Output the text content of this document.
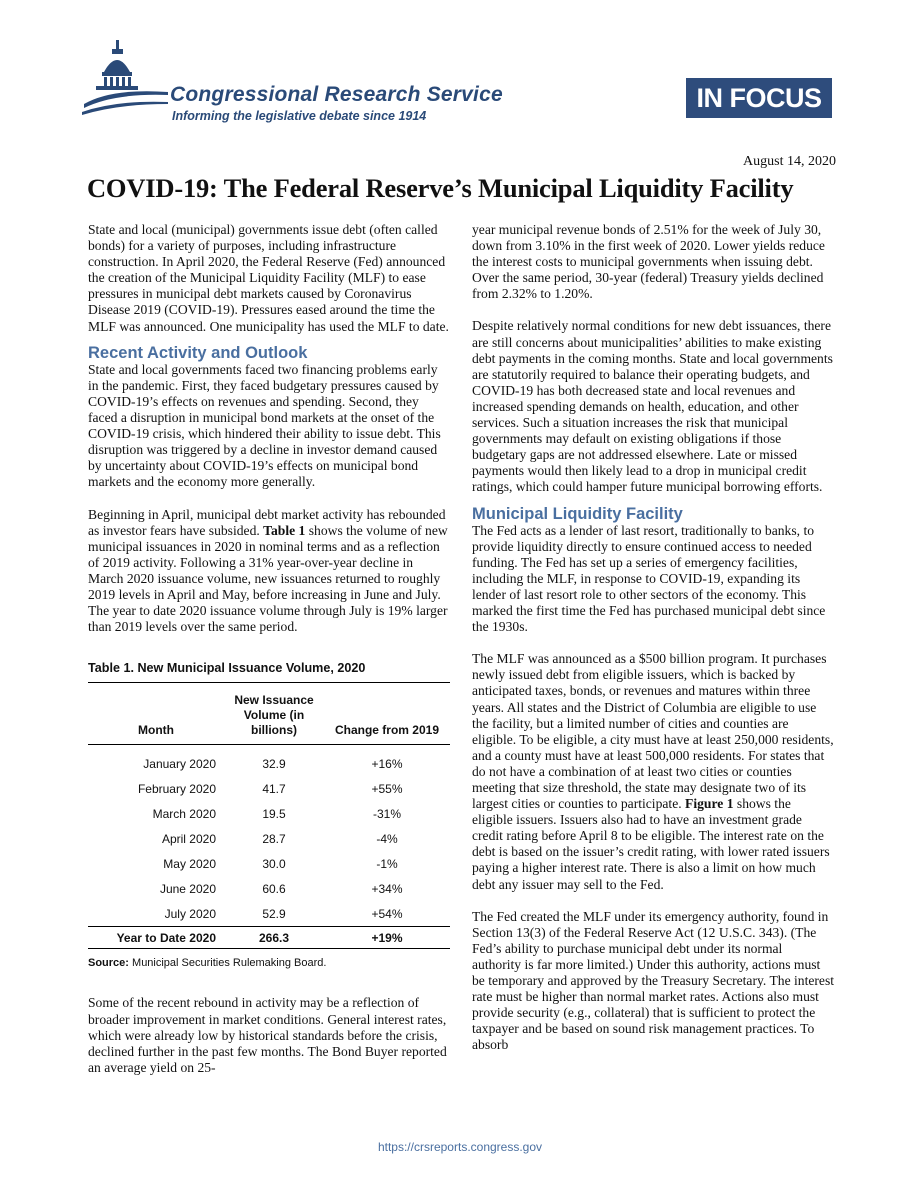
Congressional Research Service
Informing the legislative debate since 1914
IN FOCUS
August 14, 2020
COVID-19: The Federal Reserve’s Municipal Liquidity Facility

State and local (municipal) governments issue debt (often called bonds) for a variety of purposes, including infrastructure construction. In April 2020, the Federal Reserve (Fed) announced the creation of the Municipal Liquidity Facility (MLF) to ease pressures in municipal debt markets caused by Coronavirus Disease 2019 (COVID-19). Pressures eased around the time the MLF was announced. One municipality has used the MLF to date.

Recent Activity and Outlook

State and local governments faced two financing problems early in the pandemic. First, they faced budgetary pressures caused by COVID-19’s effects on revenues and spending. Second, they faced a disruption in municipal bond markets at the onset of the COVID-19 crisis, which hindered their ability to issue debt. This disruption was triggered by a decline in investor demand caused by uncertainty about COVID-19’s effects on municipal bond markets and the economy more generally.

Beginning in April, municipal debt market activity has rebounded as investor fears have subsided. Table 1 shows the volume of new municipal issuances in 2020 in nominal terms and as a reflection of 2019 activity. Following a 31% year-over-year decline in March 2020 issuance volume, new issuances returned to roughly 2019 levels in April and May, before increasing in June and July. The year to date 2020 issuance volume through July is 19% larger than 2019 levels over the same period.

Table 1. New Municipal Issuance Volume, 2020
Month	New Issuance Volume (in billions)	Change from 2019
January 2020	32.9	+16%
February 2020	41.7	+55%
March 2020	19.5	-31%
April 2020	28.7	-4%
May 2020	30.0	-1%
June 2020	60.6	+34%
July 2020	52.9	+54%
Year to Date 2020	266.3	+19%
Source: Municipal Securities Rulemaking Board.

Some of the recent rebound in activity may be a reflection of broader improvement in market conditions. General interest rates, which were already low by historical standards before the crisis, declined further in the past few months. The Bond Buyer reported an average yield on 25-

year municipal revenue bonds of 2.51% for the week of July 30, down from 3.10% in the first week of 2020. Lower yields reduce the interest costs to municipal governments when issuing debt. Over the same period, 30-year (federal) Treasury yields declined from 2.32% to 1.20%.

Despite relatively normal conditions for new debt issuances, there are still concerns about municipalities’ abilities to make existing debt payments in the coming months. State and local governments are statutorily required to balance their operating budgets, and COVID-19 has both decreased state and local revenues and increased spending demands on health, education, and other services. Such a situation increases the risk that municipal governments may default on existing obligations if those budgetary gaps are not addressed elsewhere. Late or missed payments would then likely lead to a drop in municipal credit ratings, which could hamper future municipal borrowing efforts.

Municipal Liquidity Facility

The Fed acts as a lender of last resort, traditionally to banks, to provide liquidity directly to ensure continued access to needed funding. The Fed has set up a series of emergency facilities, including the MLF, in response to COVID-19, expanding its lender of last resort role to other sectors of the economy. This marked the first time the Fed has purchased municipal debt since the 1930s.

The MLF was announced as a $500 billion program. It purchases newly issued debt from eligible issuers, which is backed by anticipated taxes, bonds, or revenues and matures within three years. All states and the District of Columbia are eligible to use the facility, but a limited number of cities and counties are eligible. To be eligible, a city must have at least 250,000 residents, and a county must have at least 500,000 residents. For states that do not have a combination of at least two cities or counties meeting that size threshold, the state may designate two of its largest cities or counties to participate. Figure 1 shows the eligible issuers. Issuers also had to have an investment grade credit rating before April 8 to be eligible. The interest rate on the debt is based on the issuer’s credit rating, with lower rated issuers paying a higher interest rate. There is also a limit on how much debt any issuer may sell to the Fed.

The Fed created the MLF under its emergency authority, found in Section 13(3) of the Federal Reserve Act (12 U.S.C. 343). (The Fed’s ability to purchase municipal debt under its normal authority is far more limited.) Under this authority, actions must be temporary and approved by the Treasury Secretary. The interest rate must be higher than normal market rates. Actions also must provide security (e.g., collateral) that is sufficient to protect the taxpayer and be based on sound risk management practices. To absorb

https://crsreports.congress.gov
